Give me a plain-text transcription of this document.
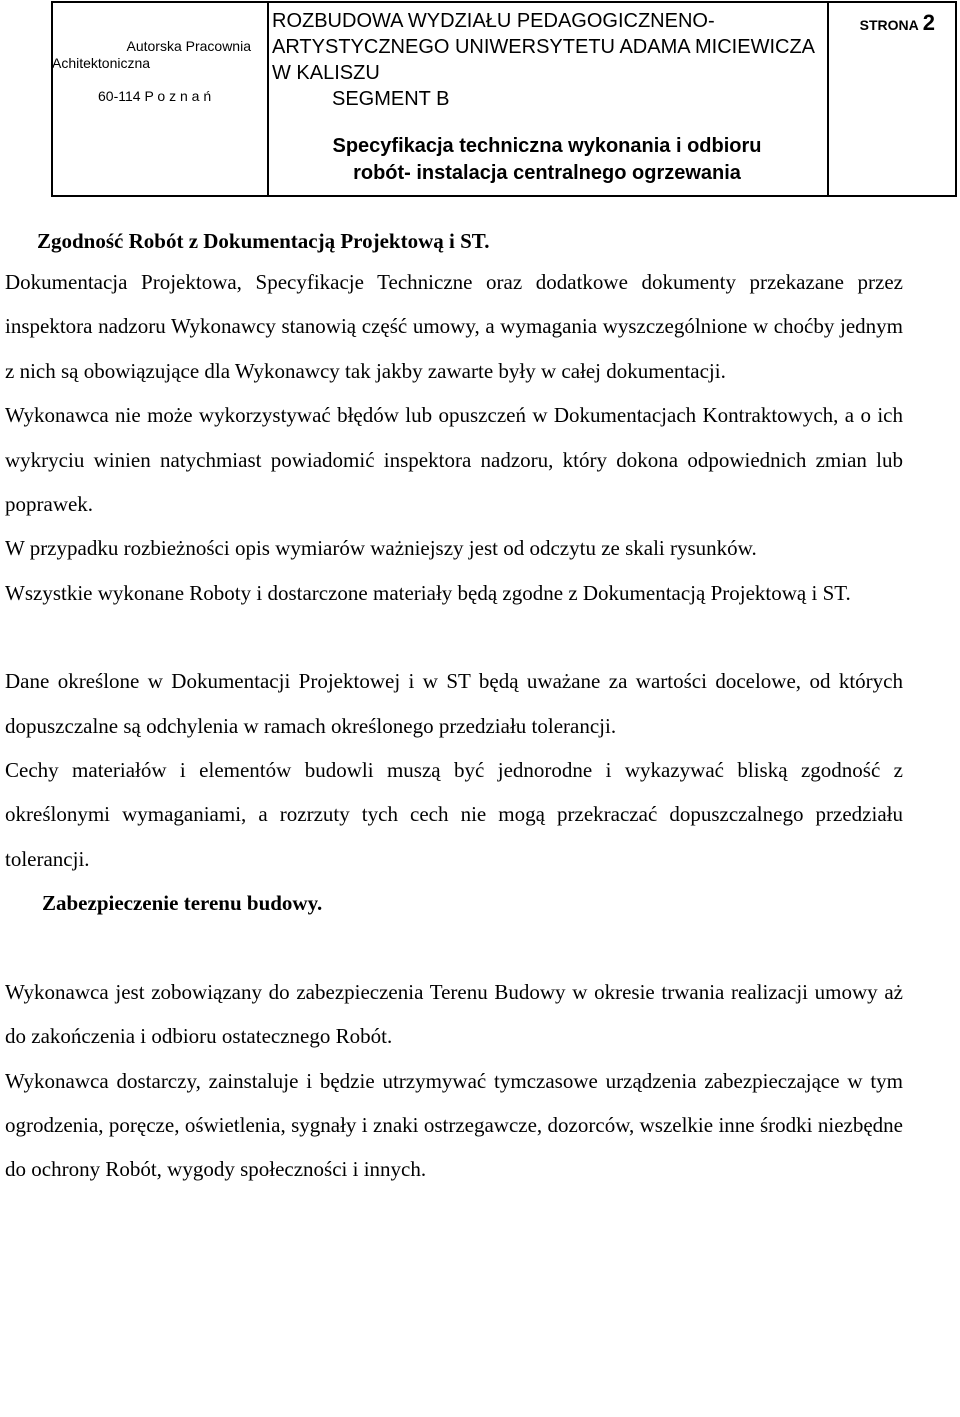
Autorska Pracownia
Achitektoniczna
60-114 P o z n a ń
ROZBUDOWA WYDZIAŁU PEDAGOGICZNENO-
ARTYSTYCZNEGO UNIWERSYTETU ADAMA MICIEWICZA
W KALISZU
SEGMENT B
Specyfikacja techniczna wykonania i odbioru
robót- instalacja centralnego ogrzewania
STRONA 2
Zgodność Robót z Dokumentacją Projektową i ST.

Dokumentacja Projektowa, Specyfikacje Techniczne oraz dodatkowe dokumenty przekazane przez inspektora nadzoru Wykonawcy stanowią część umowy, a wymagania wyszczególnione w choćby jednym z nich są obowiązujące dla Wykonawcy tak jakby zawarte były w całej dokumentacji.

Wykonawca nie może wykorzystywać błędów lub opuszczeń w Dokumentacjach Kontraktowych, a o ich wykryciu winien natychmiast powiadomić inspektora nadzoru, który dokona odpowiednich zmian lub poprawek.

W przypadku rozbieżności opis wymiarów ważniejszy jest od odczytu ze skali rysunków.

Wszystkie wykonane Roboty i dostarczone materiały będą zgodne z Dokumentacją Projektową i ST.

Dane określone w Dokumentacji Projektowej i w ST będą uważane za wartości docelowe, od których dopuszczalne są odchylenia w ramach określonego przedziału tolerancji.

Cechy materiałów i elementów budowli muszą być jednorodne i wykazywać bliską zgodność z określonymi wymaganiami, a rozrzuty tych cech nie mogą przekraczać dopuszczalnego przedziału tolerancji.

Zabezpieczenie terenu budowy.

Wykonawca jest zobowiązany do zabezpieczenia Terenu Budowy w okresie trwania realizacji umowy aż do zakończenia i odbioru ostatecznego Robót.

Wykonawca dostarczy, zainstaluje i będzie utrzymywać tymczasowe urządzenia zabezpieczające w tym ogrodzenia, poręcze, oświetlenia, sygnały i znaki ostrzegawcze, dozorców, wszelkie inne środki niezbędne do ochrony Robót, wygody społeczności i innych.
